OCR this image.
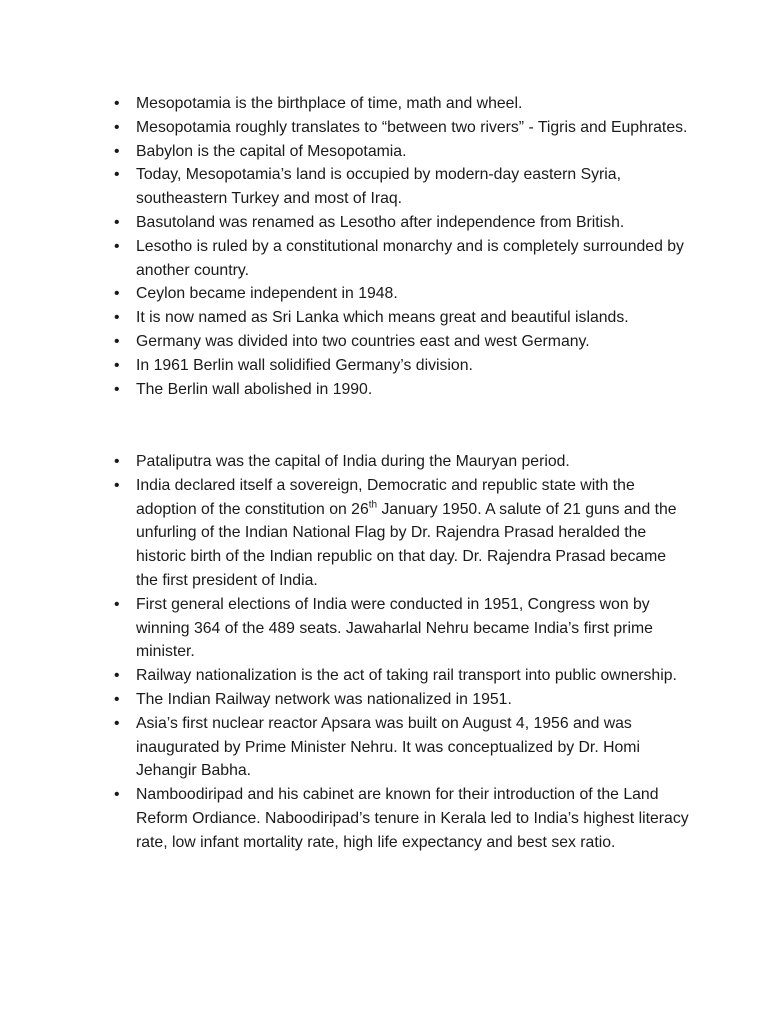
• Mesopotamia is the birthplace of time, math and wheel.
• Mesopotamia roughly translates to “between two rivers” - Tigris and Euphrates.
• Babylon is the capital of Mesopotamia.
• Today, Mesopotamia’s land is occupied by modern-day eastern Syria, southeastern Turkey and most of Iraq.
• Basutoland was renamed as Lesotho after independence from British.
• Lesotho is ruled by a constitutional monarchy and is completely surrounded by another country.
• Ceylon became independent in 1948.
• It is now named as Sri Lanka which means great and beautiful islands.
• Germany was divided into two countries east and west Germany.
• In 1961 Berlin wall solidified Germany’s division.
• The Berlin wall abolished in 1990.
• Pataliputra was the capital of India during the Mauryan period.
• India declared itself a sovereign, Democratic and republic state with the adoption of the constitution on 26th January 1950. A salute of 21 guns and the unfurling of the Indian National Flag by Dr. Rajendra Prasad heralded the historic birth of the Indian republic on that day. Dr. Rajendra Prasad became the first president of India.
• First general elections of India were conducted in 1951, Congress won by winning 364 of the 489 seats. Jawaharlal Nehru became India’s first prime minister.
• Railway nationalization is the act of taking rail transport into public ownership.
• The Indian Railway network was nationalized in 1951.
• Asia’s first nuclear reactor Apsara was built on August 4, 1956 and was inaugurated by Prime Minister Nehru. It was conceptualized by Dr. Homi Jehangir Babha.
• Namboodiripad and his cabinet are known for their introduction of the Land Reform Ordiance. Naboodiripad’s tenure in Kerala led to India’s highest literacy rate, low infant mortality rate, high life expectancy and best sex ratio.
